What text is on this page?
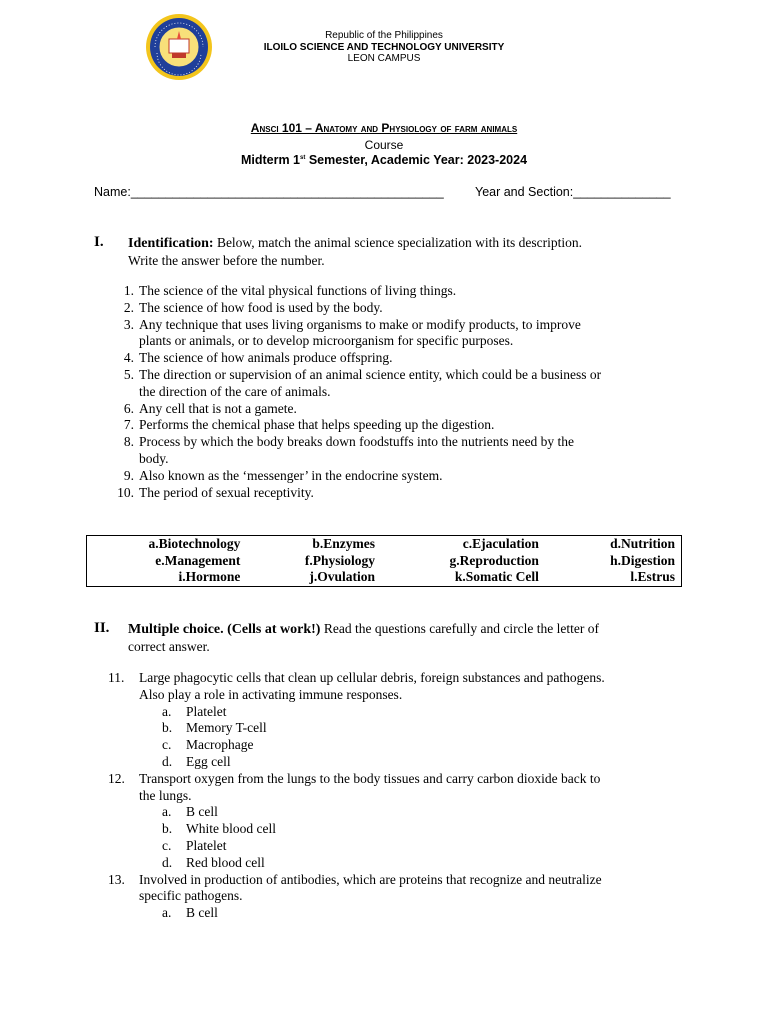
Republic of the Philippines
ILOILO SCIENCE AND TECHNOLOGY UNIVERSITY
LEON CAMPUS
Ansci 101 – Anatomy and Physiology of farm animals
Course
Midterm 1st Semester, Academic Year: 2023-2024
Name:_____________________________________________	Year and Section:______________
I. Identification: Below, match the animal science specialization with its description.
Write the answer before the number.
1. The science of the vital physical functions of living things.
2. The science of how food is used by the body.
3. Any technique that uses living organisms to make or modify products, to improve
plants or animals, or to develop microorganism for specific purposes.
4. The science of how animals produce offspring.
5. The direction or supervision of an animal science entity, which could be a business or
the direction of the care of animals.
6. Any cell that is not a gamete.
7. Performs the chemical phase that helps speeding up the digestion.
8. Process by which the body breaks down foodstuffs into the nutrients need by the
body.
9. Also known as the ‘messenger’ in the endocrine system.
10. The period of sexual receptivity.
a.Biotechnology	b.Enzymes	c.Ejaculation	d.Nutrition
e.Management	f.Physiology	g.Reproduction	h.Digestion
i.Hormone	j.Ovulation	k.Somatic Cell	l.Estrus
II. Multiple choice. (Cells at work!) Read the questions carefully and circle the letter of
correct answer.
11. Large phagocytic cells that clean up cellular debris, foreign substances and pathogens.
Also play a role in activating immune responses.
a. Platelet
b. Memory T-cell
c. Macrophage
d. Egg cell
12. Transport oxygen from the lungs to the body tissues and carry carbon dioxide back to
the lungs.
a. B cell
b. White blood cell
c. Platelet
d. Red blood cell
13. Involved in production of antibodies, which are proteins that recognize and neutralize
specific pathogens.
a. B cell
